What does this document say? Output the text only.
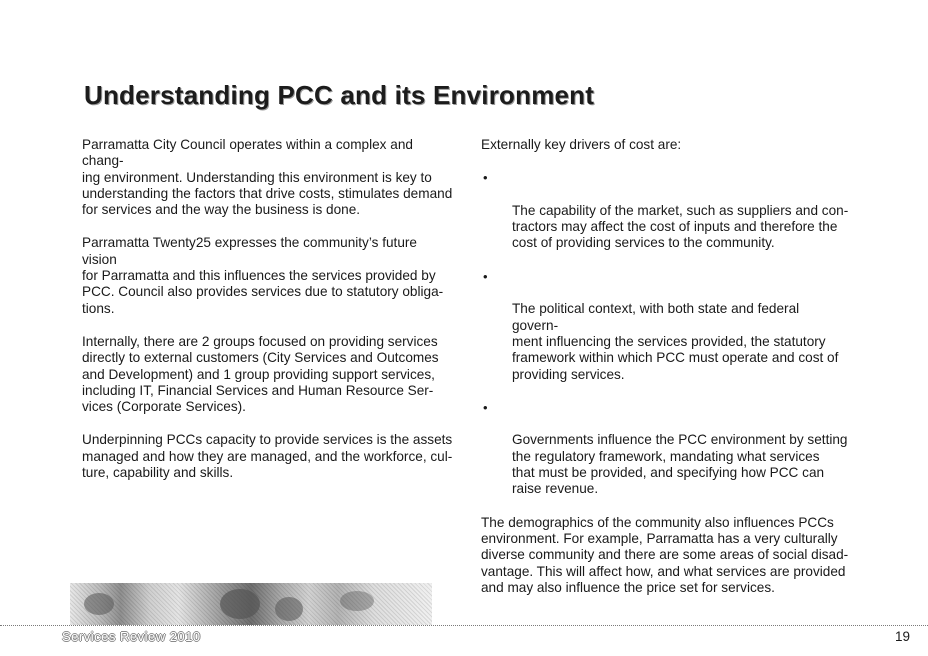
Understanding PCC and its Environment

Parramatta City Council operates within a complex and chang-
ing environment. Understanding this environment is key to
understanding the factors that drive costs, stimulates demand
for services and the way the business is done.

Parramatta Twenty25 expresses the community’s future vision
for Parramatta and this influences the services provided by
PCC. Council also provides services due to statutory obliga-
tions.

Internally, there are 2 groups focused on providing services
directly to external customers (City Services and Outcomes
and Development) and 1 group providing support services,
including IT, Financial Services and Human Resource Ser-
vices (Corporate Services).

Underpinning PCCs capacity to provide services is the assets
managed and how they are managed, and the workforce, cul-
ture, capability and skills.

Externally key drivers of cost are:

•

The capability of the market, such as suppliers and con-
tractors may affect the cost of inputs and therefore the
cost of providing services to the community.

•

The political context, with both state and federal govern-
ment influencing the services provided, the statutory
framework within which PCC must operate and cost of
providing services.

•

Governments influence the PCC environment by setting
the regulatory framework, mandating what services
that must be provided, and specifying how PCC can
raise revenue.

The demographics of the community also influences PCCs
environment. For example, Parramatta has a very culturally
diverse community and there are some areas of social disad-
vantage. This will affect how, and what services are provided
and may also influence the price set for services.

Services Review 2010	19
